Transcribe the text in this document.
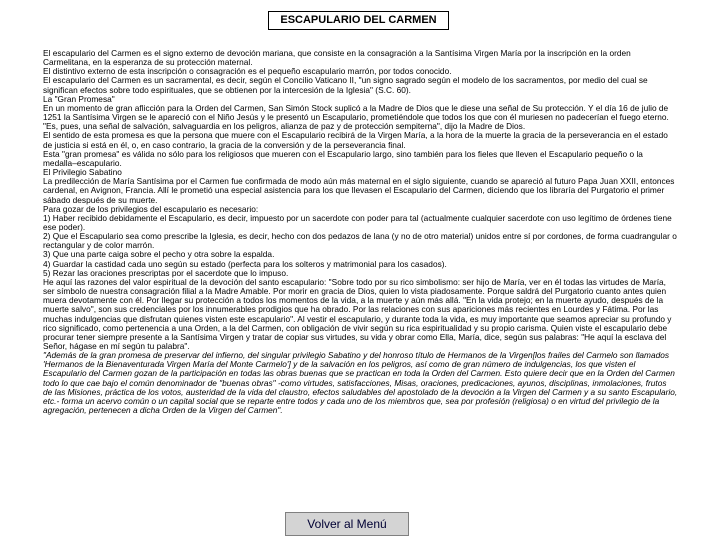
ESCAPULARIO DEL CARMEN

El escapulario del Carmen es el signo externo de devoción mariana, que consiste en la consagración a la Santísima Virgen María por la inscripción en la orden Carmelitana, en la esperanza de su protección maternal.

El distintivo externo de esta inscripción o consagración es el pequeño escapulario marrón, por todos conocido.

El escapulario del Carmen es un sacramental, es decir, según el Concilio Vaticano II, "un signo sagrado según el modelo de los sacramentos, por medio del cual se significan efectos sobre todo espirituales, que se obtienen por la intercesión de la Iglesia" (S.C. 60).

La "Gran Promesa"

En un momento de gran aflicción para la Orden del Carmen, San Simón Stock suplicó a la Madre de Dios que le diese una señal de Su protección. Y el día 16 de julio de 1251 la Santísima Virgen se le apareció con el Niño Jesús y le presentó un Escapulario, prometiéndole que todos los que con él muriesen no padecerían el fuego eterno. "Es, pues, una señal de salvación, salvaguardia en los peligros, alianza de paz y de protección sempiterna", dijo la Madre de Dios.

El sentido de esta promesa es que la persona que muere con el Escapulario recibirá de la Virgen María, a la hora de la muerte la gracia de la perseverancia en el estado de justicia si está en él, o, en caso contrario, la gracia de la conversión y de la perseverancia final.

Esta "gran promesa" es válida no sólo para los religiosos que mueren con el Escapulario largo, sino también para los fieles que lleven el Escapulario pequeño o la medalla–escapulario.

El Privilegio Sabatino

La predilección de María Santísima por el Carmen fue confirmada de modo aún más maternal en el siglo siguiente, cuando se apareció al futuro Papa Juan XXII, entonces cardenal, en Avignon, Francia. Allí le prometió una especial asistencia para los que llevasen el Escapulario del Carmen, diciendo que los libraría del Purgatorio el primer sábado después de su muerte.

Para gozar de los privilegios del escapulario es necesario:

1) Haber recibido debidamente el Escapulario, es decir, impuesto por un sacerdote con poder para tal (actualmente cualquier sacerdote con uso legítimo de órdenes tiene ese poder).

2) Que el Escapulario sea como prescribe la Iglesia, es decir, hecho con dos pedazos de lana (y no de otro material) unidos entre sí por cordones, de forma cuadrangular o rectangular y de color marrón.

3) Que una parte caiga sobre el pecho y otra sobre la espalda.

4) Guardar la castidad cada uno según su estado (perfecta para los solteros y matrimonial para los casados).

5) Rezar las oraciones prescriptas por el sacerdote que lo impuso.

He aquí las razones del valor espiritual de la devoción del santo escapulario: "Sobre todo por su rico simbolismo: ser hijo de María, ver en él todas las virtudes de María, ser símbolo de nuestra consagración filial a la Madre Amable. Por morir en gracia de Dios, quien lo vista piadosamente. Porque saldrá del Purgatorio cuanto antes quien muera devotamente con él. Por llegar su protección a todos los momentos de la vida, a la muerte y aún más allá. "En la vida protejo; en la muerte ayudo, después de la muerte salvo", son sus credenciales por los innumerables prodigios que ha obrado. Por las relaciones con sus apariciones más recientes en Lourdes y Fátima. Por las muchas indulgencias que disfrutan quienes visten este escapulario". Al vestir el escapulario, y durante toda la vida, es muy importante que seamos apreciar su profundo y rico significado, como pertenencia a una Orden, a la del Carmen, con obligación de vivir según su rica espiritualidad y su propio carisma. Quien viste el escapulario debe procurar tener siempre presente a la Santísima Virgen y tratar de copiar sus virtudes, su vida y obrar como Ella, María, dice, según sus palabras: "He aquí la esclava del Señor, hágase en mí según tu palabra".

"Además de la gran promesa de preservar del infierno, del singular privilegio Sabatino y del honroso título de Hermanos de la Virgen[los frailes del Carmelo son llamados 'Hermanos de la Bienaventurada Virgen María del Monte Carmelo'] y de la salvación en los peligros, así como de gran número de indulgencias, los que visten el Escapulario del Carmen gozan de la participación en todas las obras buenas que se practican en toda la Orden del Carmen. Esto quiere decir que en la Orden del Carmen todo lo que cae bajo el común denominador de "buenas obras" -como virtudes, satisfacciones, Misas, oraciones, predicaciones, ayunos, disciplinas, inmolaciones, frutos de las Misiones, práctica de los votos, austeridad de la vida del claustro, efectos saludables del apostolado de la devoción a la Virgen del Carmen y a su santo Escapulario, etc.- forma un acervo común o un capital social que se reparte entre todos y cada uno de los miembros que, sea por profesión (religiosa) o en virtud del privilegio de la agregación, pertenecen a dicha Orden de la Virgen del Carmen".

Volver al Menú
